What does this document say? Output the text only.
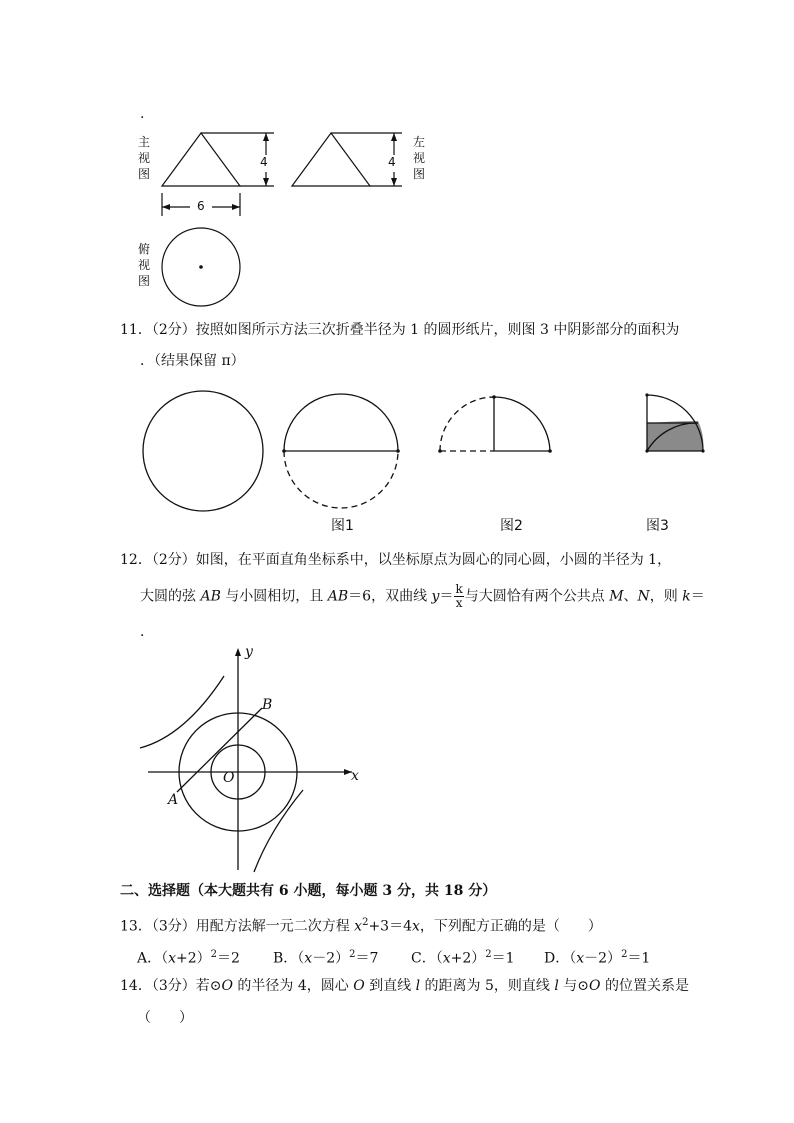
.
主
视
图
左
视
图
俯
视
图
4	4
6
11．（2分）按照如图所示方法三次折叠半径为 1 的圆形纸片，则图 3 中阴影部分的面积为
．（结果保留 π）
图1	图2	图3
12．（2分）如图，在平面直角坐标系中，以坐标原点为圆心的同心圆，小圆的半径为 1，
大圆的弦 AB 与小圆相切，且 AB＝6，双曲线 $y= \frac{k}{x}$ 与大圆恰有两个公共点 M、N，则 k＝
．
y
x
O
A
B
二、选择题（本大题共有 6 小题，每小题 3 分，共 18 分）
13．（3分）用配方法解一元二次方程 $x^2+3=4x$，下列配方正确的是（　　）
A．$(x+2)^2=2$ B．$(x-2)^2=7$ C．$(x+2)^2=1$ D．$(x-2)^2=1$
14．（3分）若⊙O 的半径为 4，圆心 O 到直线 l 的距离为 5，则直线 l 与⊙O 的位置关系是
（　　）
